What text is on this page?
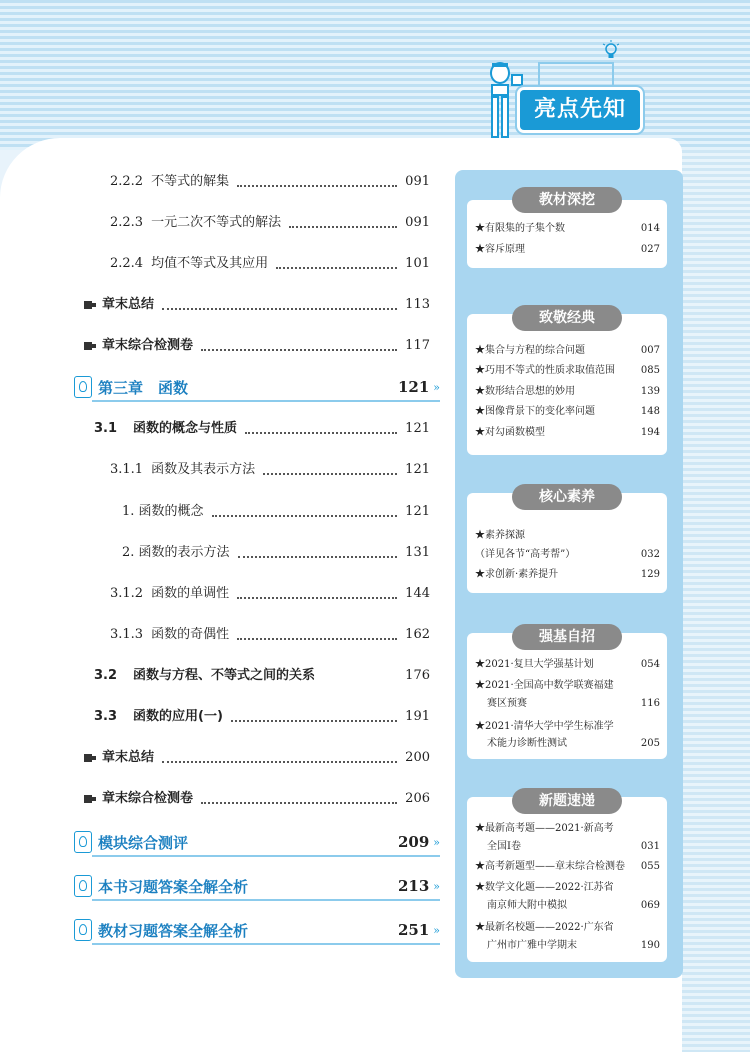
亮点先知
2.2.2 不等式的解集	091
2.2.3 一元二次不等式的解法	091
2.2.4 均值不等式及其应用	101
章末总结	113
章末综合检测卷	117
第三章　函数	121 »
3.1 函数的概念与性质	121
3.1.1 函数及其表示方法	121
1. 函数的概念	121
2. 函数的表示方法	131
3.1.2 函数的单调性	144
3.1.3 函数的奇偶性	162
3.2 函数与方程、不等式之间的关系	176
3.3 函数的应用(一)	191
章末总结	200
章末综合检测卷	206
模块综合测评	209 »
本书习题答案全解全析	213 »
教材习题答案全解全析	251 »
教材深挖
★有限集的子集个数	014
★容斥原理	027
致敬经典
★集合与方程的综合问题	007
★巧用不等式的性质求取值范围	085
★数形结合思想的妙用	139
★图像背景下的变化率问题	148
★对勾函数模型	194
核心素养
★素养探源
（详见各节“高考帮”）	032
★求创新·素养提升	129
强基自招
★2021·复旦大学强基计划	054
★2021·全国高中数学联赛福建
赛区预赛	116
★2021·清华大学中学生标准学
术能力诊断性测试	205
新题速递
★最新高考题——2021·新高考
全国Ⅰ卷	031
★高考新题型——章末综合检测卷	055
★数学文化题——2022·江苏省
南京师大附中模拟	069
★最新名校题——2022·广东省
广州市广雅中学期末	190
